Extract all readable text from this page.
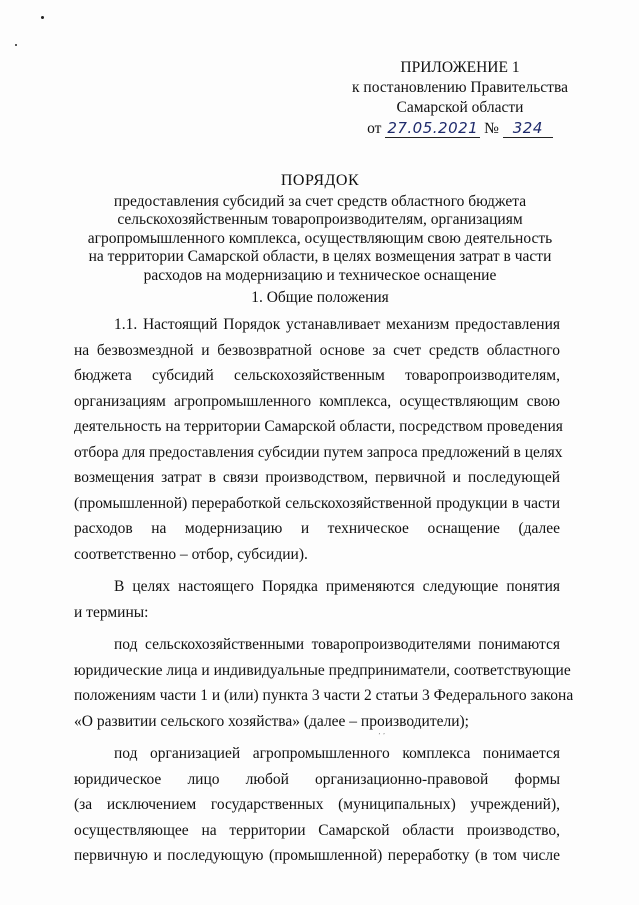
ПРИЛОЖЕНИЕ 1
к постановлению Правительства
Самарской области
от 27.05.2021 № 324
ПОРЯДОК
предоставления субсидий за счет средств областного бюджета
сельскохозяйственным товаропроизводителям, организациям
агропромышленного комплекса, осуществляющим свою деятельность
на территории Самарской области, в целях возмещения затрат в части
расходов на модернизацию и техническое оснащение
1. Общие положения

1.1. Настоящий Порядок устанавливает механизм предоставления
на безвозмездной и безвозвратной основе за счет средств областного
бюджета субсидий сельскохозяйственным товаропроизводителям,
организациям агропромышленного комплекса, осуществляющим свою
деятельность на территории Самарской области, посредством проведения
отбора для предоставления субсидии путем запроса предложений в целях
возмещения затрат в связи производством, первичной и последующей
(промышленной) переработкой сельскохозяйственной продукции в части
расходов на модернизацию и техническое оснащение (далее
соответственно – отбор, субсидии).

В целях настоящего Порядка применяются следующие понятия
и термины:

под сельскохозяйственными товаропроизводителями понимаются
юридические лица и индивидуальные предприниматели, соответствующие
положениям части 1 и (или) пункта 3 части 2 статьи 3 Федерального закона
«О развитии сельского хозяйства» (далее – производители);

под организацией агропромышленного комплекса понимается
юридическое лицо любой организационно-правовой формы
(за исключением государственных (муниципальных) учреждений),
осуществляющее на территории Самарской области производство,
первичную и последующую (промышленной) переработку (в том числе

᾽ ᾿
